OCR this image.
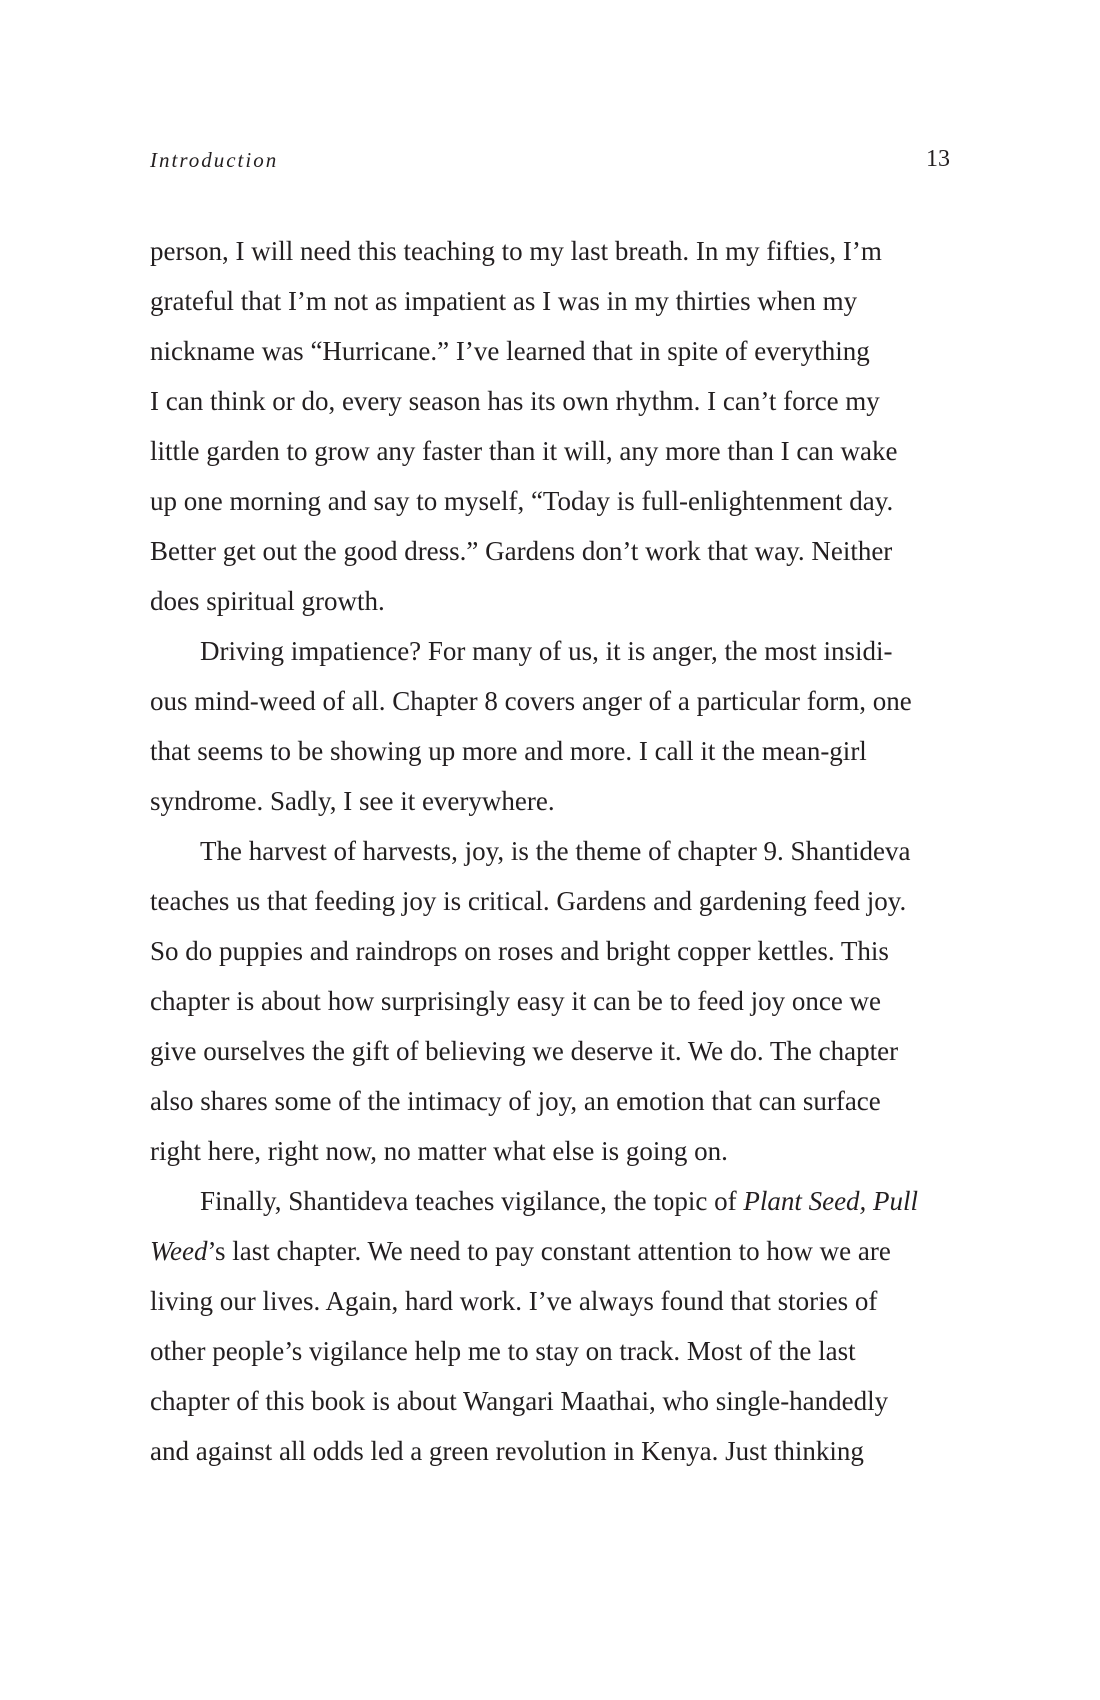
Introduction	13
person, I will need this teaching to my last breath. In my fifties, I’m
grateful that I’m not as impatient as I was in my thirties when my
nickname was “Hurricane.” I’ve learned that in spite of everything
I can think or do, every season has its own rhythm. I can’t force my
little garden to grow any faster than it will, any more than I can wake
up one morning and say to myself, “Today is full-enlightenment day.
Better get out the good dress.” Gardens don’t work that way. Neither
does spiritual growth.
Driving impatience? For many of us, it is anger, the most insidi-
ous mind-weed of all. Chapter 8 covers anger of a particular form, one
that seems to be showing up more and more. I call it the mean-girl
syndrome. Sadly, I see it everywhere.
The harvest of harvests, joy, is the theme of chapter 9. Shantideva
teaches us that feeding joy is critical. Gardens and gardening feed joy.
So do puppies and raindrops on roses and bright copper kettles. This
chapter is about how surprisingly easy it can be to feed joy once we
give ourselves the gift of believing we deserve it. We do. The chapter
also shares some of the intimacy of joy, an emotion that can surface
right here, right now, no matter what else is going on.
Finally, Shantideva teaches vigilance, the topic of Plant Seed, Pull
Weed’s last chapter. We need to pay constant attention to how we are
living our lives. Again, hard work. I’ve always found that stories of
other people’s vigilance help me to stay on track. Most of the last
chapter of this book is about Wangari Maathai, who single-handedly
and against all odds led a green revolution in Kenya. Just thinking
